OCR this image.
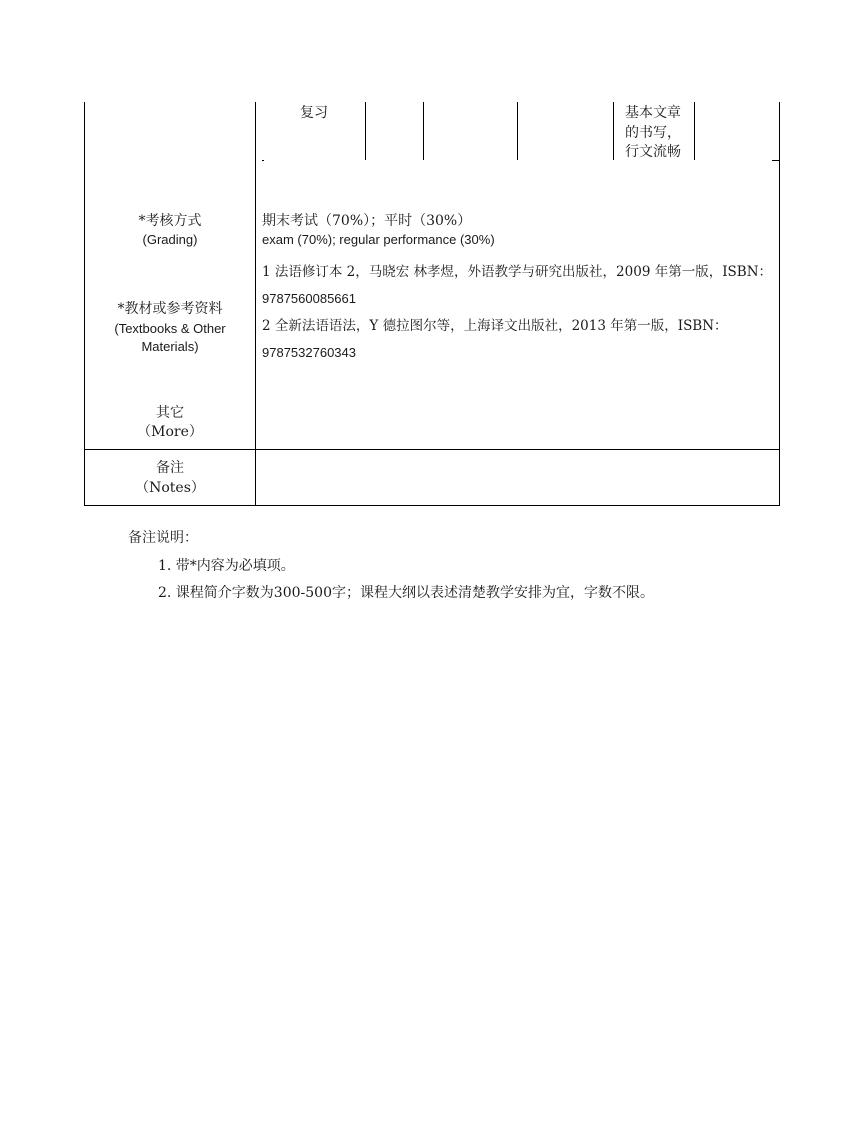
复习	基本文章
的书写，
行文流畅
*考核方式
(Grading)
期末考试（70%）；平时（30%）
exam (70%); regular performance (30%)
*教材或参考资料
(Textbooks & Other
Materials)
1 法语修订本 2，马晓宏 林孝煜，外语教学与研究出版社，2009 年第一版，ISBN：
9787560085661
2 全新法语语法，Y 德拉图尔等，上海译文出版社，2013 年第一版，ISBN：
9787532760343
其它
（More）
备注
（Notes）
备注说明：
1. 带*内容为必填项。
2. 课程简介字数为300-500字；课程大纲以表述清楚教学安排为宜，字数不限。
